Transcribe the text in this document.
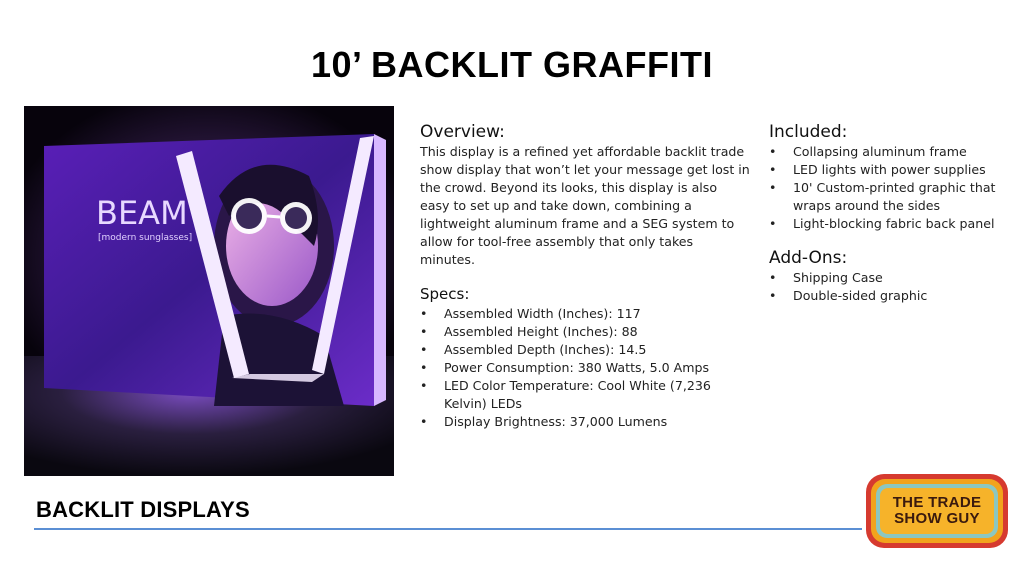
10’ BACKLIT GRAFFITI
BEAM
[modern sunglasses]
Overview:

This display is a refined yet affordable backlit trade show display that won’t let your message get lost in the crowd. Beyond its looks, this display is also easy to set up and take down, combining a lightweight aluminum frame and a SEG system to allow for tool-free assembly that only takes minutes.

Specs:
• Assembled Width (Inches): 117
• Assembled Height (Inches): 88
• Assembled Depth (Inches): 14.5
• Power Consumption: 380 Watts, 5.0 Amps
• LED Color Temperature: Cool White (7,236 Kelvin) LEDs
• Display Brightness: 37,000 Lumens
Included:
• Collapsing aluminum frame
• LED lights with power supplies
• 10' Custom-printed graphic that wraps around the sides
• Light-blocking fabric back panel
Add-Ons:
• Shipping Case
• Double-sided graphic
BACKLIT DISPLAYS	THE TRADE
SHOW GUY
